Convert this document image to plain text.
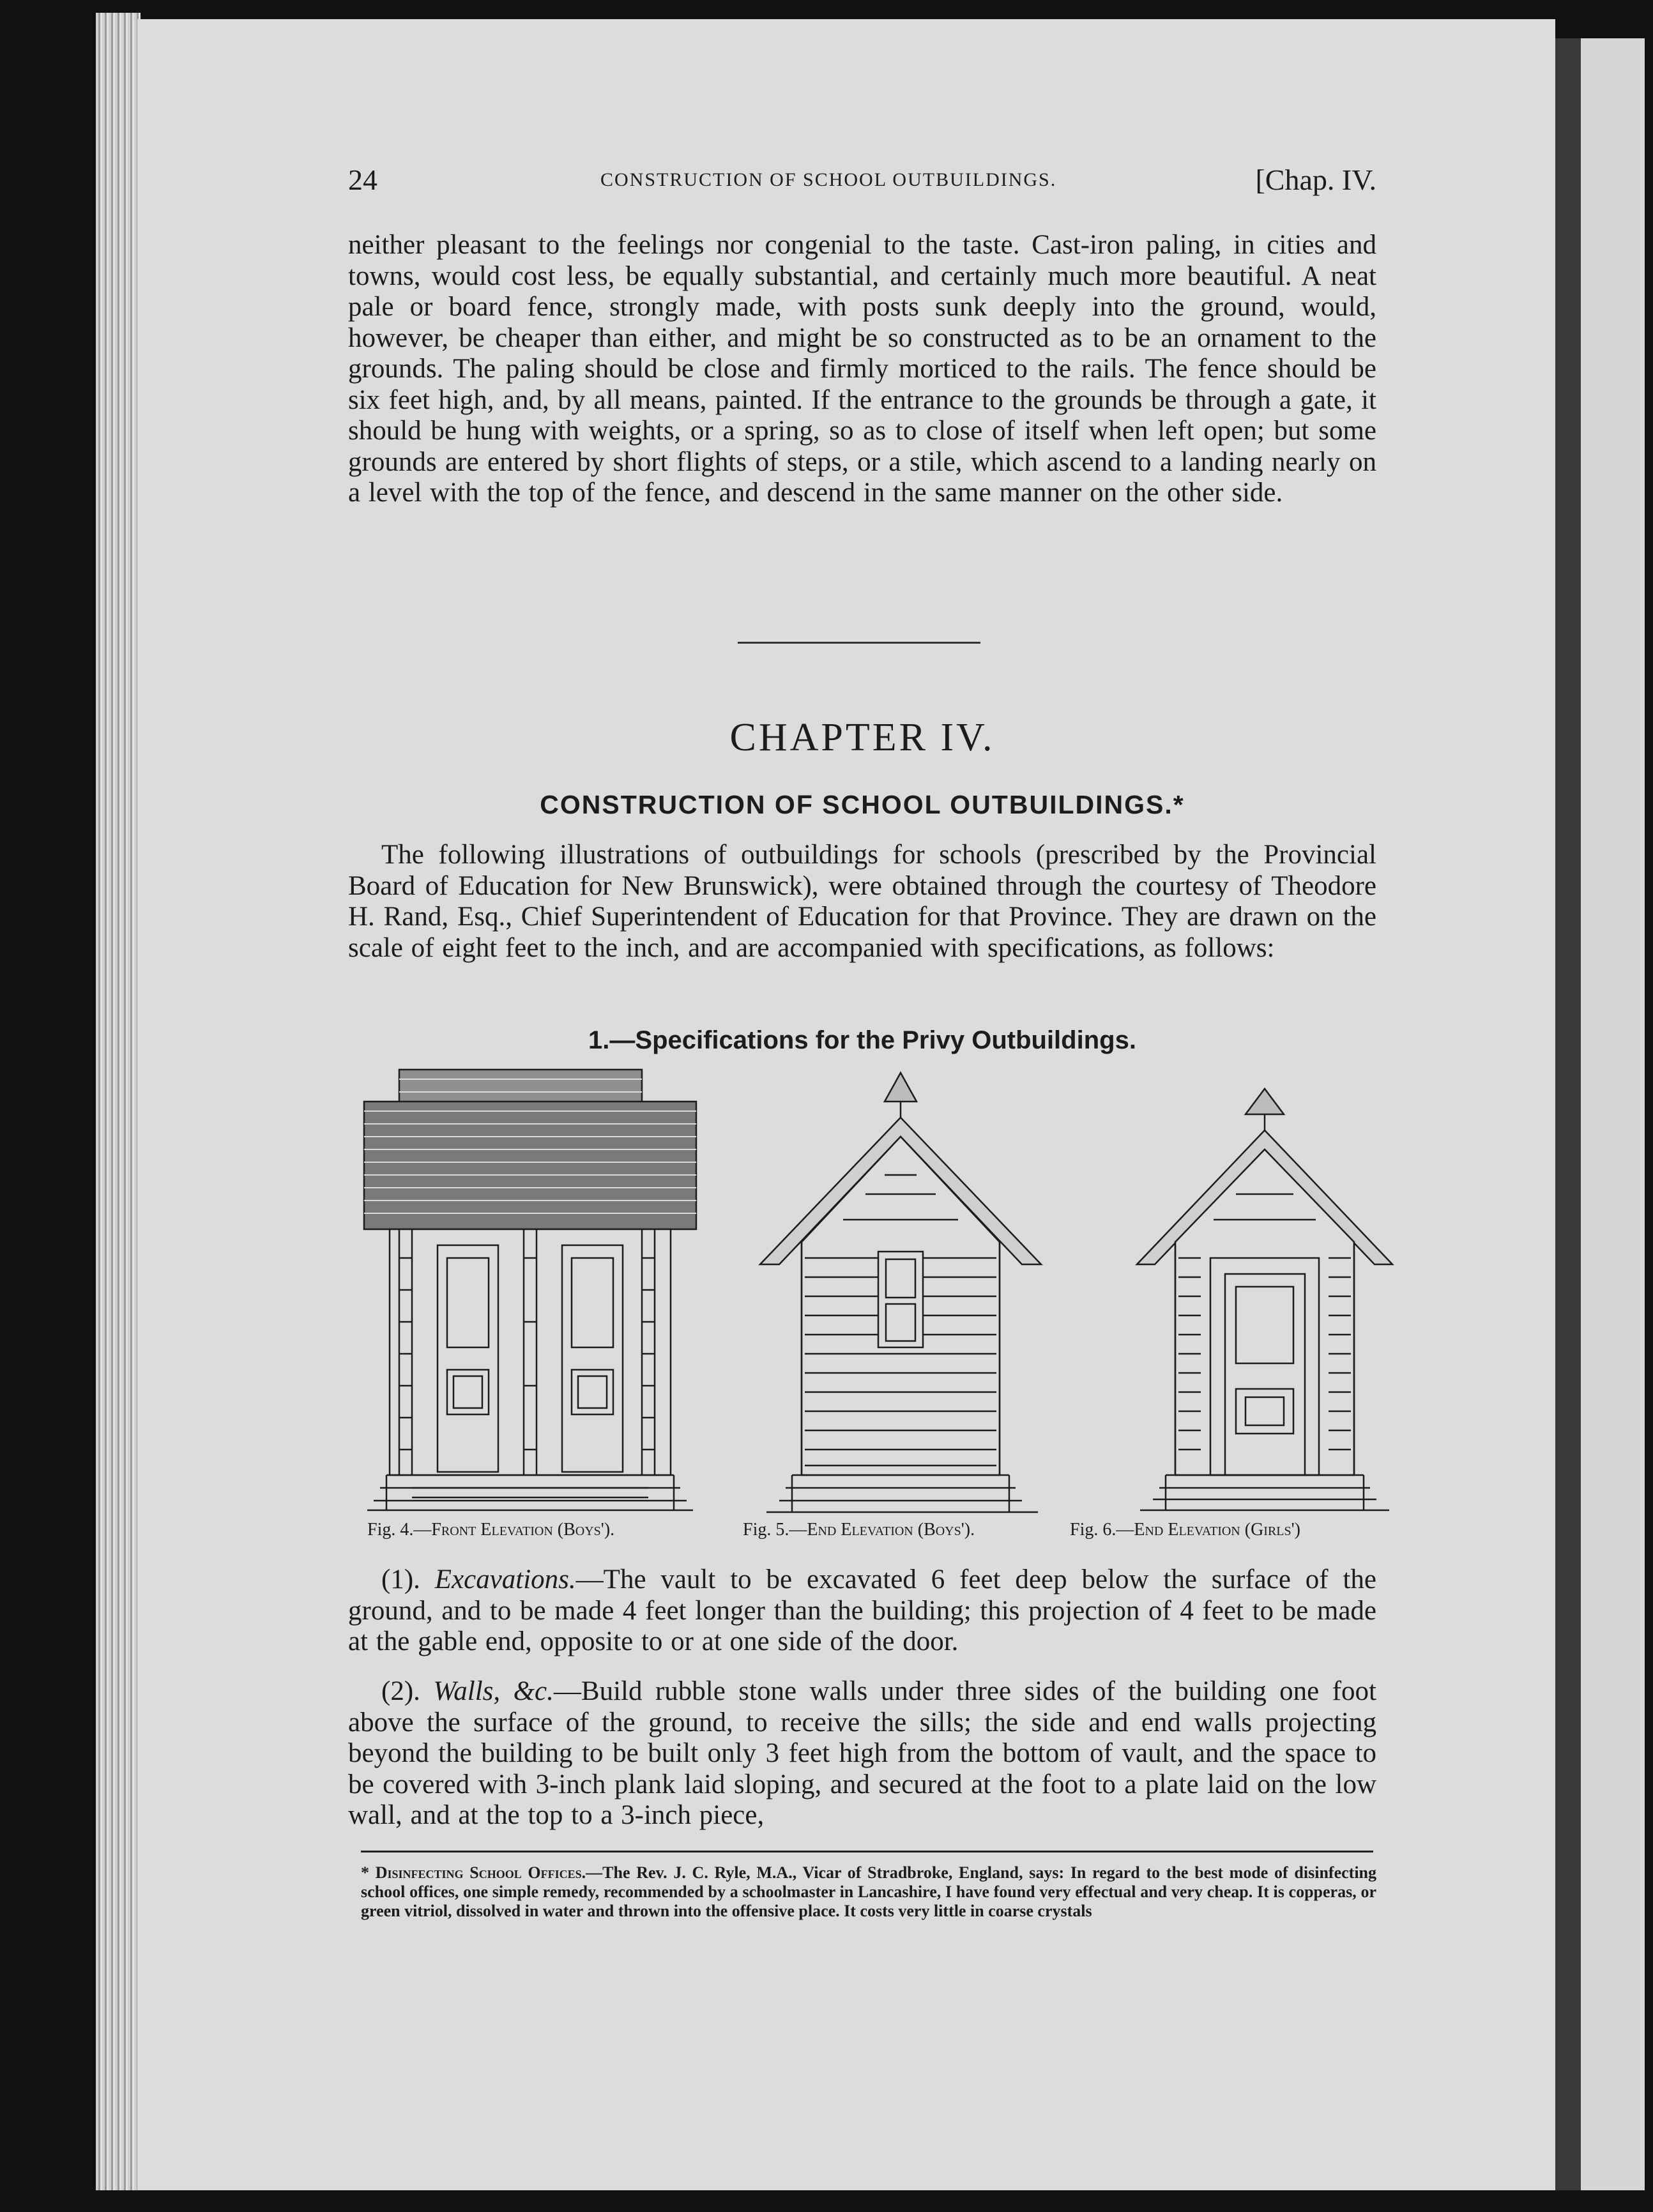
24	CONSTRUCTION OF SCHOOL OUTBUILDINGS.	[Chap. IV.

neither pleasant to the feelings nor congenial to the taste. Cast-iron paling, in cities and towns, would cost less, be equally substantial, and certainly much more beautiful. A neat pale or board fence, strongly made, with posts sunk deeply into the ground, would, however, be cheaper than either, and might be so constructed as to be an ornament to the grounds. The paling should be close and firmly morticed to the rails. The fence should be six feet high, and, by all means, painted. If the entrance to the grounds be through a gate, it should be hung with weights, or a spring, so as to close of itself when left open; but some grounds are entered by short flights of steps, or a stile, which ascend to a landing nearly on a level with the top of the fence, and descend in the same manner on the other side.

CHAPTER IV.
CONSTRUCTION OF SCHOOL OUTBUILDINGS.*
The following illustrations of outbuildings for schools (prescribed by the Provincial Board of Education for New Brunswick), were obtained through the courtesy of Theodore H. Rand, Esq., Chief Superintendent of Education for that Province. They are drawn on the scale of eight feet to the inch, and are accompanied with specifications, as follows:
1.—Specifications for the Privy Outbuildings.
Fig. 4.—Front Elevation (Boys').	Fig. 5.—End Elevation (Boys').	Fig. 6.—End Elevation (Girls')
(1). Excavations.—The vault to be excavated 6 feet deep below the surface of the ground, and to be made 4 feet longer than the building; this projection of 4 feet to be made at the gable end, opposite to or at one side of the door.
(2). Walls, &c.—Build rubble stone walls under three sides of the building one foot above the surface of the ground, to receive the sills; the side and end walls projecting beyond the building to be built only 3 feet high from the bottom of vault, and the space to be covered with 3-inch plank laid sloping, and secured at the foot to a plate laid on the low wall, and at the top to a 3-inch piece,
* Disinfecting School Offices.—The Rev. J. C. Ryle, M.A., Vicar of Stradbroke, England, says: In regard to the best mode of disinfecting school offices, one simple remedy, recommended by a schoolmaster in Lancashire, I have found very effectual and very cheap. It is copperas, or green vitriol, dissolved in water and thrown into the offensive place. It costs very little in coarse crystals
